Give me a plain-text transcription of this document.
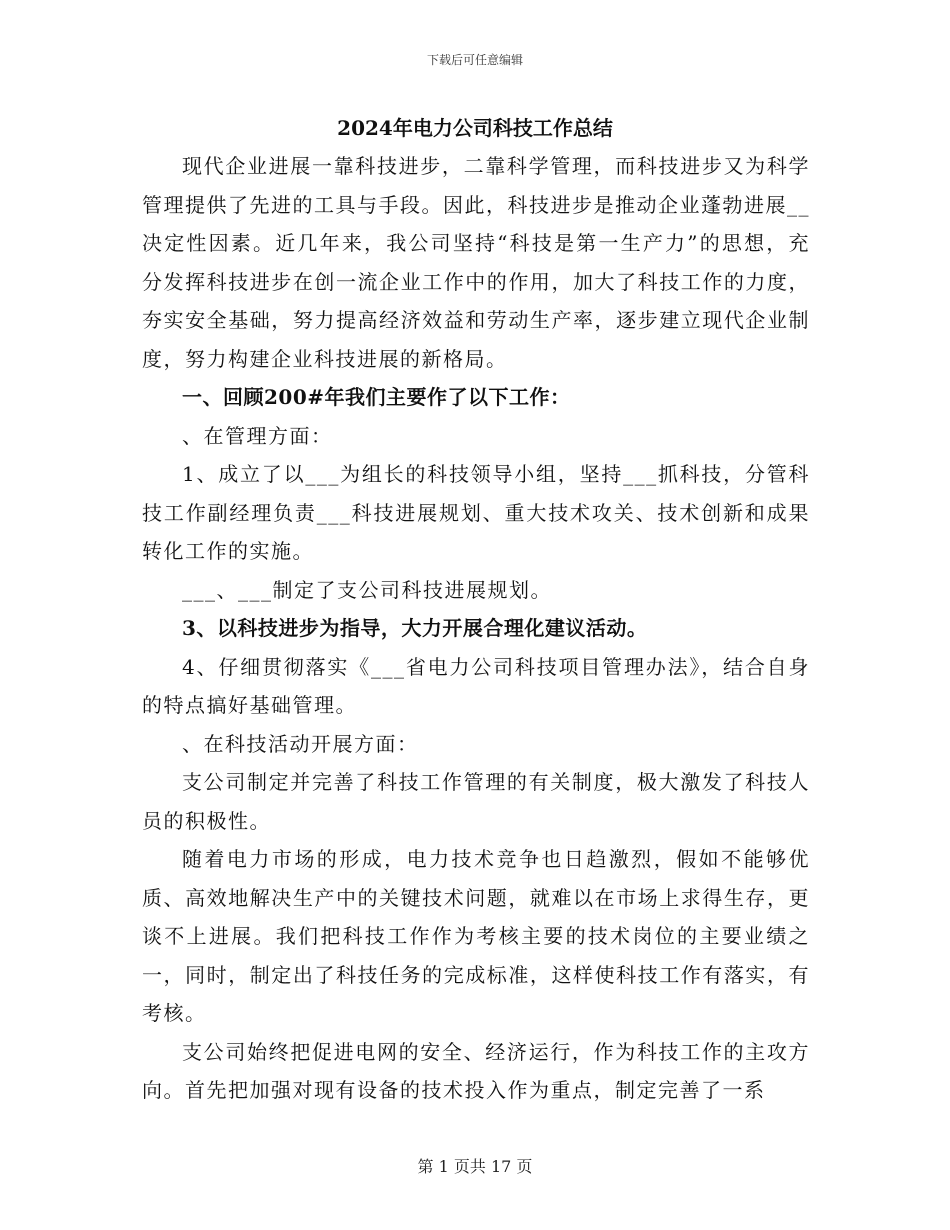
下载后可任意编辑
2024年电力公司科技工作总结

现代企业进展一靠科技进步，二靠科学管理，而科技进步又为科学管理提供了先进的工具与手段。因此，科技进步是推动企业蓬勃进展__决定性因素。近几年来，我公司坚持“科技是第一生产力”的思想，充分发挥科技进步在创一流企业工作中的作用，加大了科技工作的力度，夯实安全基础，努力提高经济效益和劳动生产率，逐步建立现代企业制度，努力构建企业科技进展的新格局。

一、回顾200#年我们主要作了以下工作：

、在管理方面：

1、成立了以___为组长的科技领导小组，坚持___抓科技，分管科技工作副经理负责___科技进展规划、重大技术攻关、技术创新和成果转化工作的实施。

___、___制定了支公司科技进展规划。

3、以科技进步为指导，大力开展合理化建议活动。

4、仔细贯彻落实《___省电力公司科技项目管理办法》，结合自身的特点搞好基础管理。

、在科技活动开展方面：

支公司制定并完善了科技工作管理的有关制度，极大激发了科技人员的积极性。

随着电力市场的形成，电力技术竞争也日趋激烈，假如不能够优质、高效地解决生产中的关键技术问题，就难以在市场上求得生存，更谈不上进展。我们把科技工作作为考核主要的技术岗位的主要业绩之一，同时，制定出了科技任务的完成标准，这样使科技工作有落实，有考核。

支公司始终把促进电网的安全、经济运行，作为科技工作的主攻方向。首先把加强对现有设备的技术投入作为重点，制定完善了一系

第 1 页共 17 页
